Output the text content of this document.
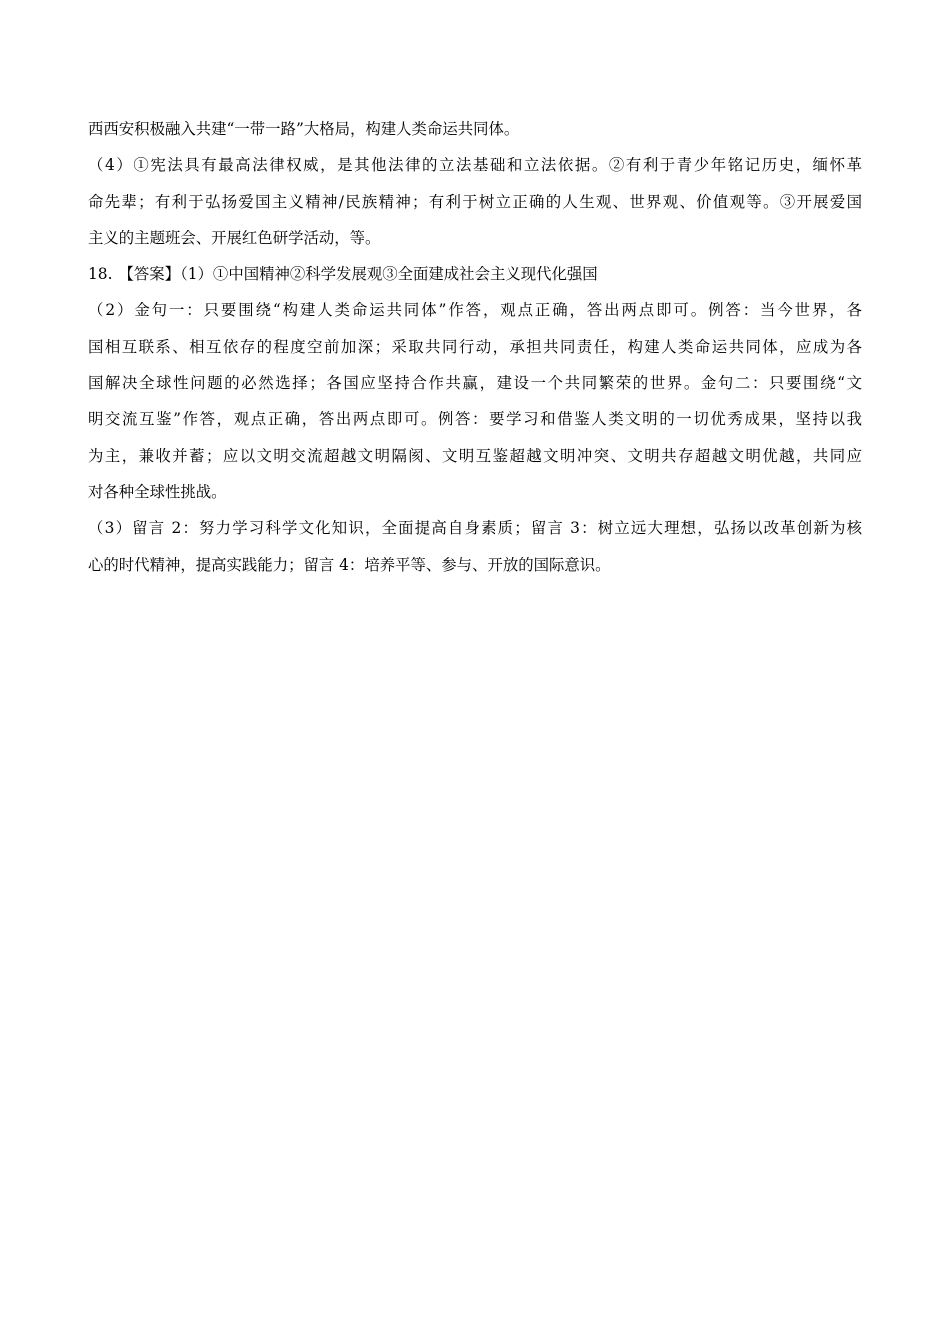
西西安积极融入共建“一带一路”大格局，构建人类命运共同体。
（4）①宪法具有最高法律权威，是其他法律的立法基础和立法依据。②有利于青少年铭记历史，缅怀革
命先辈；有利于弘扬爱国主义精神/民族精神；有利于树立正确的人生观、世界观、价值观等。③开展爱国
主义的主题班会、开展红色研学活动，等。
18. 【答案】（1）①中国精神②科学发展观③全面建成社会主义现代化强国
（2）金句一：只要围绕“构建人类命运共同体”作答，观点正确，答出两点即可。例答：当今世界，各
国相互联系、相互依存的程度空前加深；采取共同行动，承担共同责任，构建人类命运共同体，应成为各
国解决全球性问题的必然选择；各国应坚持合作共赢，建设一个共同繁荣的世界。金句二：只要围绕“文
明交流互鉴”作答，观点正确，答出两点即可。例答：要学习和借鉴人类文明的一切优秀成果，坚持以我
为主，兼收并蓄；应以文明交流超越文明隔阂、文明互鉴超越文明冲突、文明共存超越文明优越，共同应
对各种全球性挑战。
（3）留言 2：努力学习科学文化知识，全面提高自身素质；留言 3：树立远大理想，弘扬以改革创新为核
心的时代精神，提高实践能力；留言 4：培养平等、参与、开放的国际意识。
